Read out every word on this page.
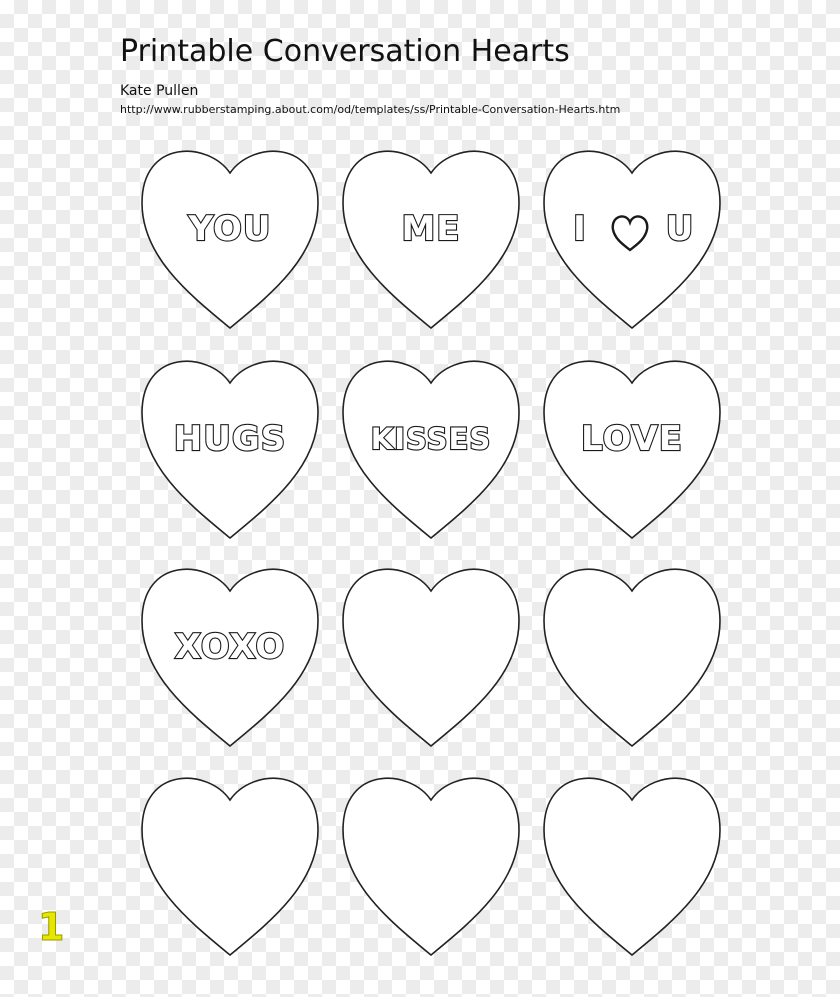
Printable Conversation Hearts
Kate Pullen
http://www.rubberstamping.about.com/od/templates/ss/Printable-Conversation-Hearts.htm
YOU	ME	I U
HUGS	KISSES	LOVE
XOXO
1
